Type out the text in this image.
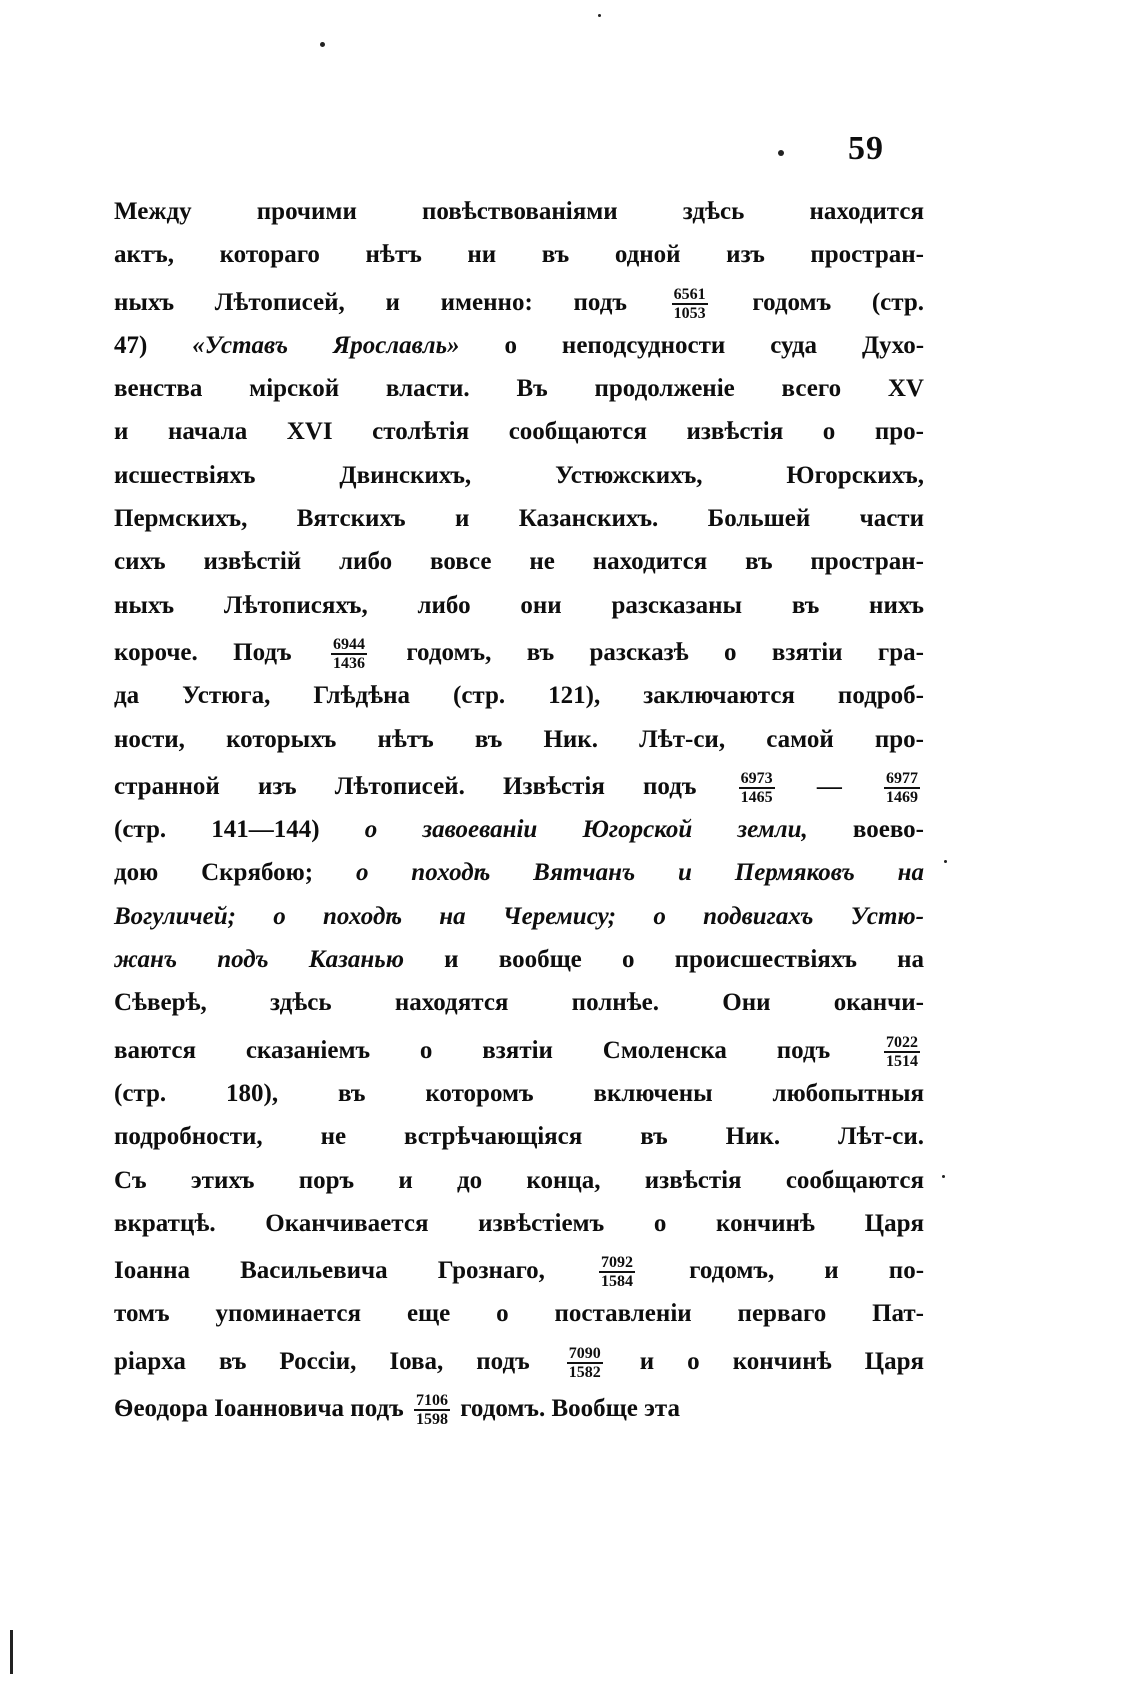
59
Между прочими повѣствованіями здѣсь находится
актъ, котораго нѣтъ ни въ одной изъ простран-
ныхъ Лѣтописей, и именно: подъ	$\frac{6561}{1053}$ годомъ (стр.
47) «Уставъ Ярославль» о неподсудности суда Духо-
венства мірской власти. Въ продолженіе всего XV
и начала XVI столѣтія сообщаются извѣстія о про-
исшествіяхъ Двинскихъ, Устюжскихъ, Югорскихъ,
Пермскихъ, Вятскихъ и Казанскихъ. Большей части
сихъ извѣстій либо вовсе не находится въ простран-
ныхъ Лѣтописяхъ, либо они разсказаны въ нихъ
короче. Подъ $\frac{6944}{1436}$ годомъ, въ разсказѣ о взятіи гра-
да Устюга, Глѣдѣна (стр. 121), заключаются подроб-
ности, которыхъ нѣтъ въ Ник. Лѣт-си, самой про-
странной изъ Лѣтописей. Извѣстія подъ	$\frac{6973}{1465}$ —	$\frac{6977}{1469}$
(стр. 141—144) о завоеваніи Югорской земли, воево-
дою Скрябою; о походѣ Вятчанъ и Пермяковъ на
Вогуличей; о походѣ на Черемису; о подвигахъ Устю-
жанъ подъ Казанью и вообще о происшествіяхъ на
Сѣверѣ, здѣсь находятся полнѣе. Они оканчи-
ваются сказаніемъ о взятіи Смоленска подъ	$\frac{7022}{1514}$
(стр. 180), въ которомъ включены любопытныя
подробности, не встрѣчающіяся въ Ник. Лѣт-си.
Съ этихъ поръ и до конца, извѣстія сообщаются
вкратцѣ. Оканчивается извѣстіемъ о кончинѣ Царя
Іоанна Васильевича Грознаго,	$\frac{7092}{1584}$ годомъ, и по-
томъ упоминается еще о поставленіи перваго Пат-
ріарха въ Россіи, Іова, подъ $\frac{7090}{1582}$ и о кончинѣ Царя
Ѳеодора Іоанновича подъ $\frac{7106}{1598}$ годомъ. Вообще эта
